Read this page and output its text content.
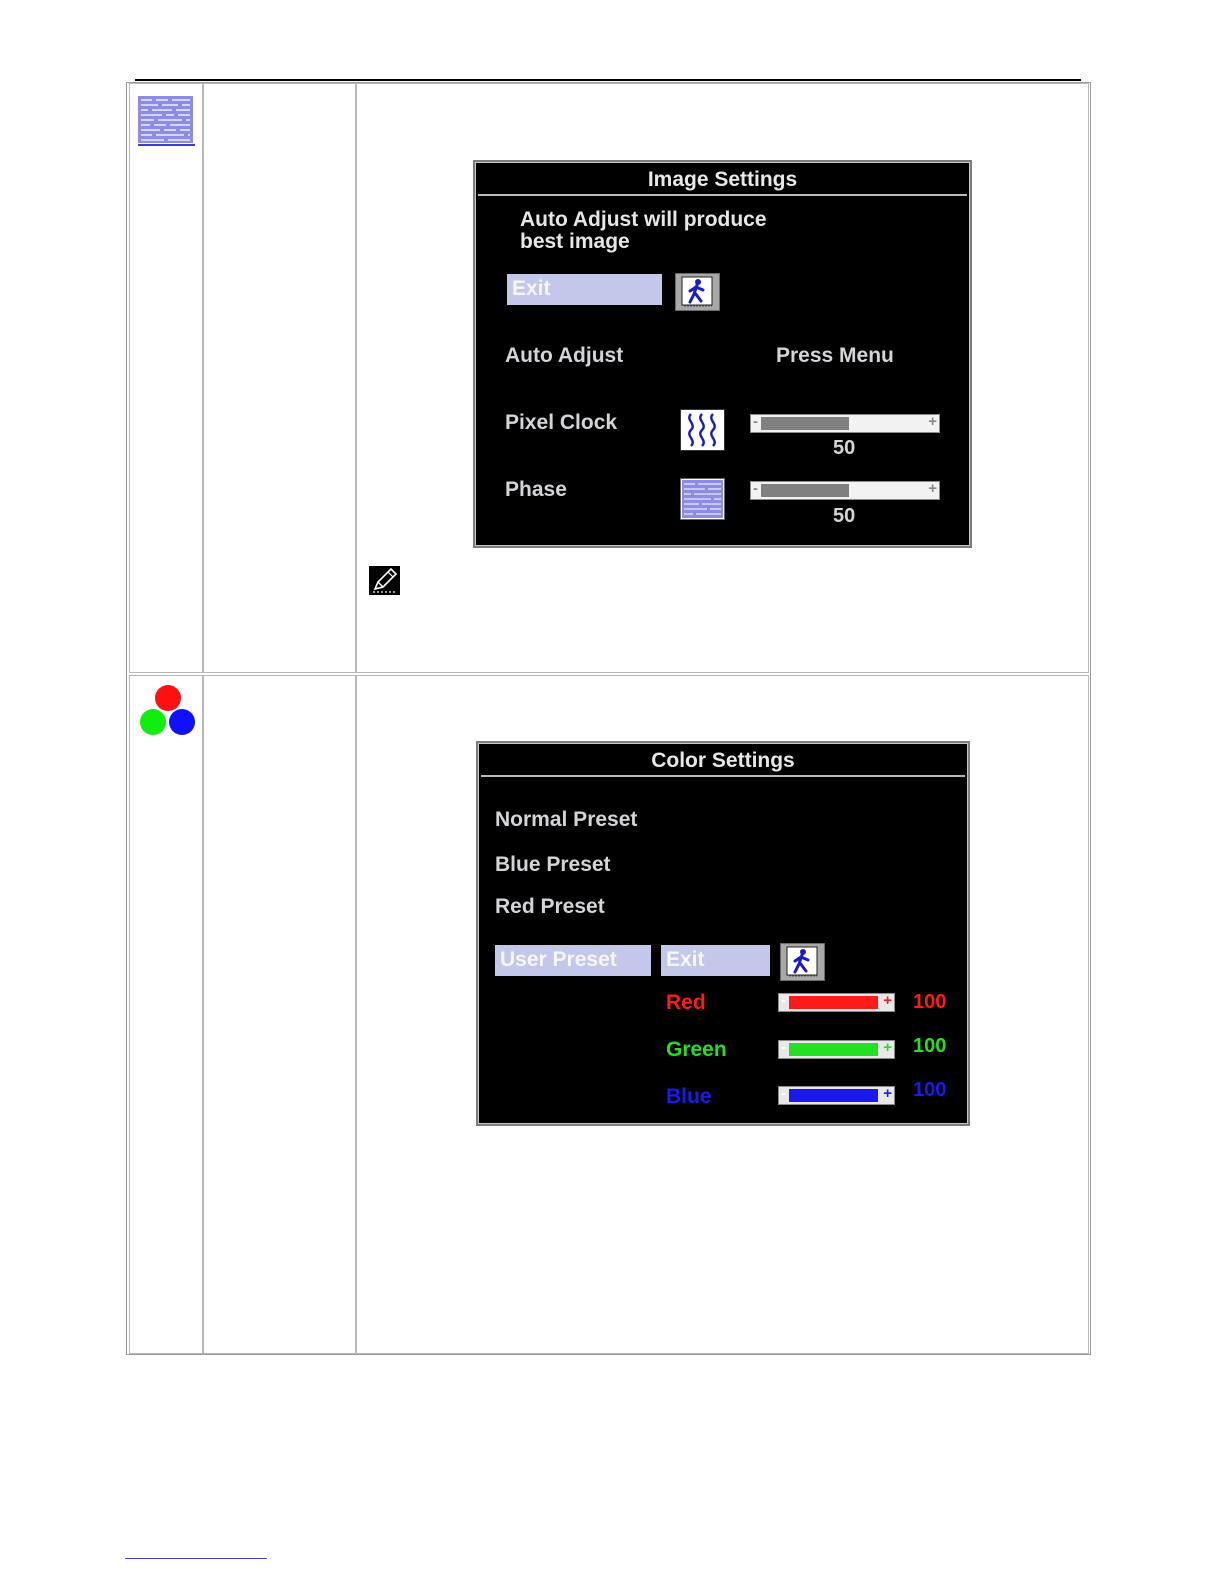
Image Settings
Auto Adjust will produce
best image
Exit
Auto Adjust	Press Menu
Pixel Clock	-	+
50
Phase	-	+
50
Color Settings
Normal Preset
Blue Preset
Red Preset
User Preset	Exit
Red	-	+ 100
Green	-	+ 100
Blue	-	+ 100
